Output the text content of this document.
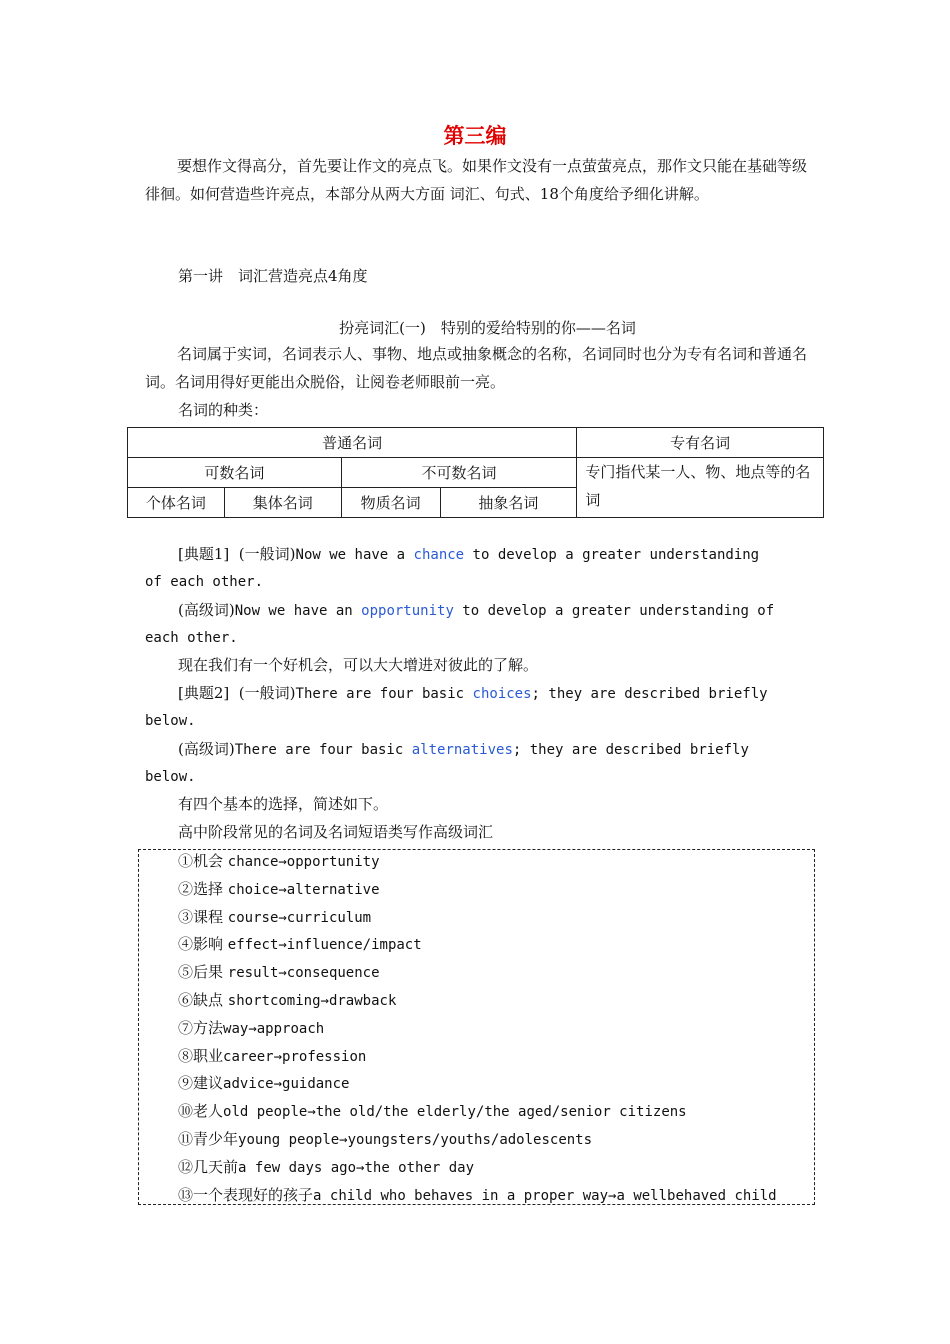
第三编

要想作文得高分，首先要让作文的亮点飞。如果作文没有一点萤萤亮点，那作文只能在基础等级徘徊。如何营造些许亮点，本部分从两大方面 词汇、句式、18个角度给予细化讲解。

第一讲　词汇营造亮点4角度
扮亮词汇(一)　特别的爱给特别的你——名词

名词属于实词，名词表示人、事物、地点或抽象概念的名称，名词同时也分为专有名词和普通名词。名词用得好更能出众脱俗，让阅卷老师眼前一亮。

名词的种类：
普通名词				专有名词
可数名词		不可数名词		专门指代某一人、物、地点等的名词
个体名词	集体名词	物质名词	抽象名词	
[典题1] (一般词)Now we have a chance to develop a greater understanding
of each other.
(高级词)Now we have an opportunity to develop a greater understanding of
each other.
现在我们有一个好机会，可以大大增进对彼此的了解。
[典题2] (一般词)There are four basic choices; they are described briefly
below.
(高级词)There are four basic alternatives; they are described briefly
below.
有四个基本的选择，简述如下。
高中阶段常见的名词及名词短语类写作高级词汇
①机会 chance→opportunity
②选择 choice→alternative
③课程 course→curriculum
④影响 effect→influence/impact
⑤后果 result→consequence
⑥缺点 shortcoming→drawback
⑦方法way→approach
⑧职业career→profession
⑨建议advice→guidance
⑩老人old people→the old/the elderly/the aged/senior citizens
⑪青少年young people→youngsters/youths/adolescents
⑫几天前a few days ago→the other day
⑬一个表现好的孩子a child who behaves in a proper way→a wellbehaved child
